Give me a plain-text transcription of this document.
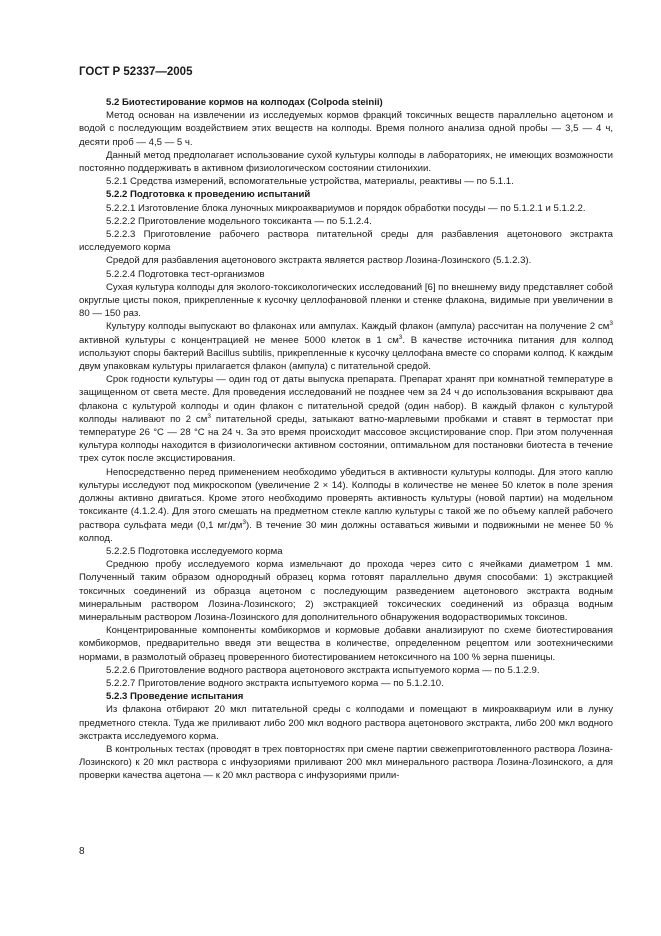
ГОСТ Р 52337—2005

5.2 Биотестирование кормов на колподах (Colpoda steinii)

Метод основан на извлечении из исследуемых кормов фракций токсичных веществ параллельно ацетоном и водой с последующим воздействием этих веществ на колподы. Время полного анализа одной пробы — 3,5 — 4 ч, десяти проб — 4,5 — 5 ч.

Данный метод предполагает использование сухой культуры колподы в лабораториях, не имеющих возможности постоянно поддерживать в активном физиологическом состоянии стилонихии.

5.2.1 Средства измерений, вспомогательные устройства, материалы, реактивы — по 5.1.1.

5.2.2 Подготовка к проведению испытаний

5.2.2.1 Изготовление блока луночных микроаквариумов и порядок обработки посуды — по 5.1.2.1 и 5.1.2.2.

5.2.2.2 Приготовление модельного токсиканта — по 5.1.2.4.

5.2.2.3 Приготовление рабочего раствора питательной среды для разбавления ацетонового экстракта исследуемого корма

Средой для разбавления ацетонового экстракта является раствор Лозина-Лозинского (5.1.2.3).

5.2.2.4 Подготовка тест-организмов

Сухая культура колподы для эколого-токсикологических исследований [6] по внешнему виду представляет собой округлые цисты покоя, прикрепленные к кусочку целлофановой пленки и стенке флакона, видимые при увеличении в 80 — 150 раз.

Культуру колподы выпускают во флаконах или ампулах. Каждый флакон (ампула) рассчитан на получение 2 $см^3$ активной культуры с концентрацией не менее 5000 клеток в 1 $см^3$. В качестве источника питания для колпод используют споры бактерий Bacillus subtilis, прикрепленные к кусочку целлофана вместе со спорами колпод. К каждым двум упаковкам культуры прилагается флакон (ампула) с питательной средой.

Срок годности культуры — один год от даты выпуска препарата. Препарат хранят при комнатной температуре в защищенном от света месте. Для проведения исследований не позднее чем за 24 ч до использования вскрывают два флакона с культурой колподы и один флакон с питательной средой (один набор). В каждый флакон с культурой колподы наливают по 2 $см^3$ питательной среды, затыкают ватно-марлевыми пробками и ставят в термостат при температуре 26 °С — 28 °С на 24 ч. За это время происходит массовое эксцистирование спор. При этом полученная культура колподы находится в физиологически активном состоянии, оптимальном для постановки биотеста в течение трех суток после эксцистирования.

Непосредственно перед применением необходимо убедиться в активности культуры колподы. Для этого каплю культуры исследуют под микроскопом (увеличение 2 × 14). Колподы в количестве не менее 50 клеток в поле зрения должны активно двигаться. Кроме этого необходимо проверять активность культуры (новой партии) на модельном токсиканте (4.1.2.4). Для этого смешать на предметном стекле каплю культуры с такой же по объему каплей рабочего раствора сульфата меди (0,1 $мг/дм^3$). В течение 30 мин должны оставаться живыми и подвижными не менее 50 % колпод.

5.2.2.5 Подготовка исследуемого корма

Среднюю пробу исследуемого корма измельчают до прохода через сито с ячейками диаметром 1 мм. Полученный таким образом однородный образец корма готовят параллельно двумя способами: 1) экстракцией токсичных соединений из образца ацетоном с последующим разведением ацетонового экстракта водным минеральным раствором Лозина-Лозинского; 2) экстракцией токсических соединений из образца водным минеральным раствором Лозина-Лозинского для дополнительного обнаружения водорастворимых токсинов.

Концентрированные компоненты комбикормов и кормовые добавки анализируют по схеме биотестирования комбикормов, предварительно введя эти вещества в количестве, определенном рецептом или зоотехническими нормами, в размолотый образец проверенного биотестированием нетоксичного на 100 % зерна пшеницы.

5.2.2.6 Приготовление водного раствора ацетонового экстракта испытуемого корма — по 5.1.2.9.

5.2.2.7 Приготовление водного экстракта испытуемого корма — по 5.1.2.10.

5.2.3 Проведение испытания

Из флакона отбирают 20 мкл питательной среды с колподами и помещают в микроаквариум или в лунку предметного стекла. Туда же приливают либо 200 мкл водного раствора ацетонового экстракта, либо 200 мкл водного экстракта исследуемого корма.

В контрольных тестах (проводят в трех повторностях при смене партии свежеприготовленного раствора Лозина-Лозинского) к 20 мкл раствора с инфузориями приливают 200 мкл минерального раствора Лозина-Лозинского, а для проверки качества ацетона — к 20 мкл раствора с инфузориями прили-

8
